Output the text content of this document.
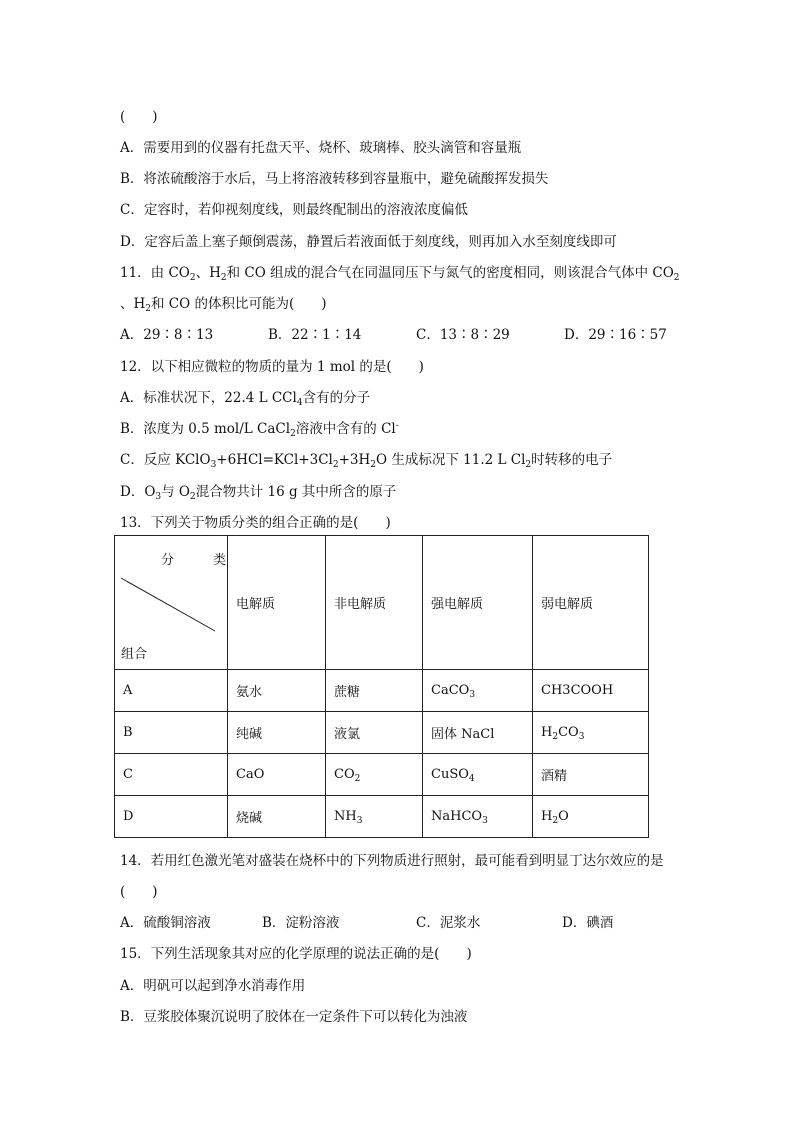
(　　)
A．需要用到的仪器有托盘天平、烧杯、玻璃棒、胶头滴管和容量瓶
B．将浓硫酸溶于水后，马上将溶液转移到容量瓶中，避免硫酸挥发损失
C．定容时，若仰视刻度线，则最终配制出的溶液浓度偏低
D．定容后盖上塞子颠倒震荡，静置后若液面低于刻度线，则再加入水至刻度线即可
11．由 $CO_2$、$H_2$和 CO 组成的混合气在同温同压下与氮气的密度相同，则该混合气体中 $CO_2$
、$H_2$和 CO 的体积比可能为(　　)
A．29∶8∶13	B．22∶1∶14	C．13∶8∶29	D．29∶16∶57
12．以下相应微粒的物质的量为 1 mol 的是(　　)
A．标准状况下，22.4 L CCl$_4$含有的分子
B．浓度为 0.5 mol/L CaCl$_2$溶液中含有的 Cl-
C．反应 $KClO_3+6HCl=KCl+3Cl_2+3H_2O$ 生成标况下 11.2 L $Cl_2$时转移的电子
D．$O_3$与 $O_2$混合物共计 16 g 其中所含的原子
13．下列关于物质分类的组合正确的是(　　)
分 类
组合	电解质	非电解质	强电解质	弱电解质
A	氨水	蔗糖	CaCO$_3$	CH3COOH
B	纯碱	液氯	固体 NaCl	$H_2CO_3$
C	CaO	$CO_2$	CuSO$_4$	酒精
D	烧碱	$NH_3$	NaHCO$_3$	$H_2O$
14．若用红色激光笔对盛装在烧杯中的下列物质进行照射，最可能看到明显丁达尔效应的是
(　　)
A．硫酸铜溶液	B．淀粉溶液	C．泥浆水	D．碘酒
15．下列生活现象其对应的化学原理的说法正确的是(　　)
A．明矾可以起到净水消毒作用
B．豆浆胶体聚沉说明了胶体在一定条件下可以转化为浊液
